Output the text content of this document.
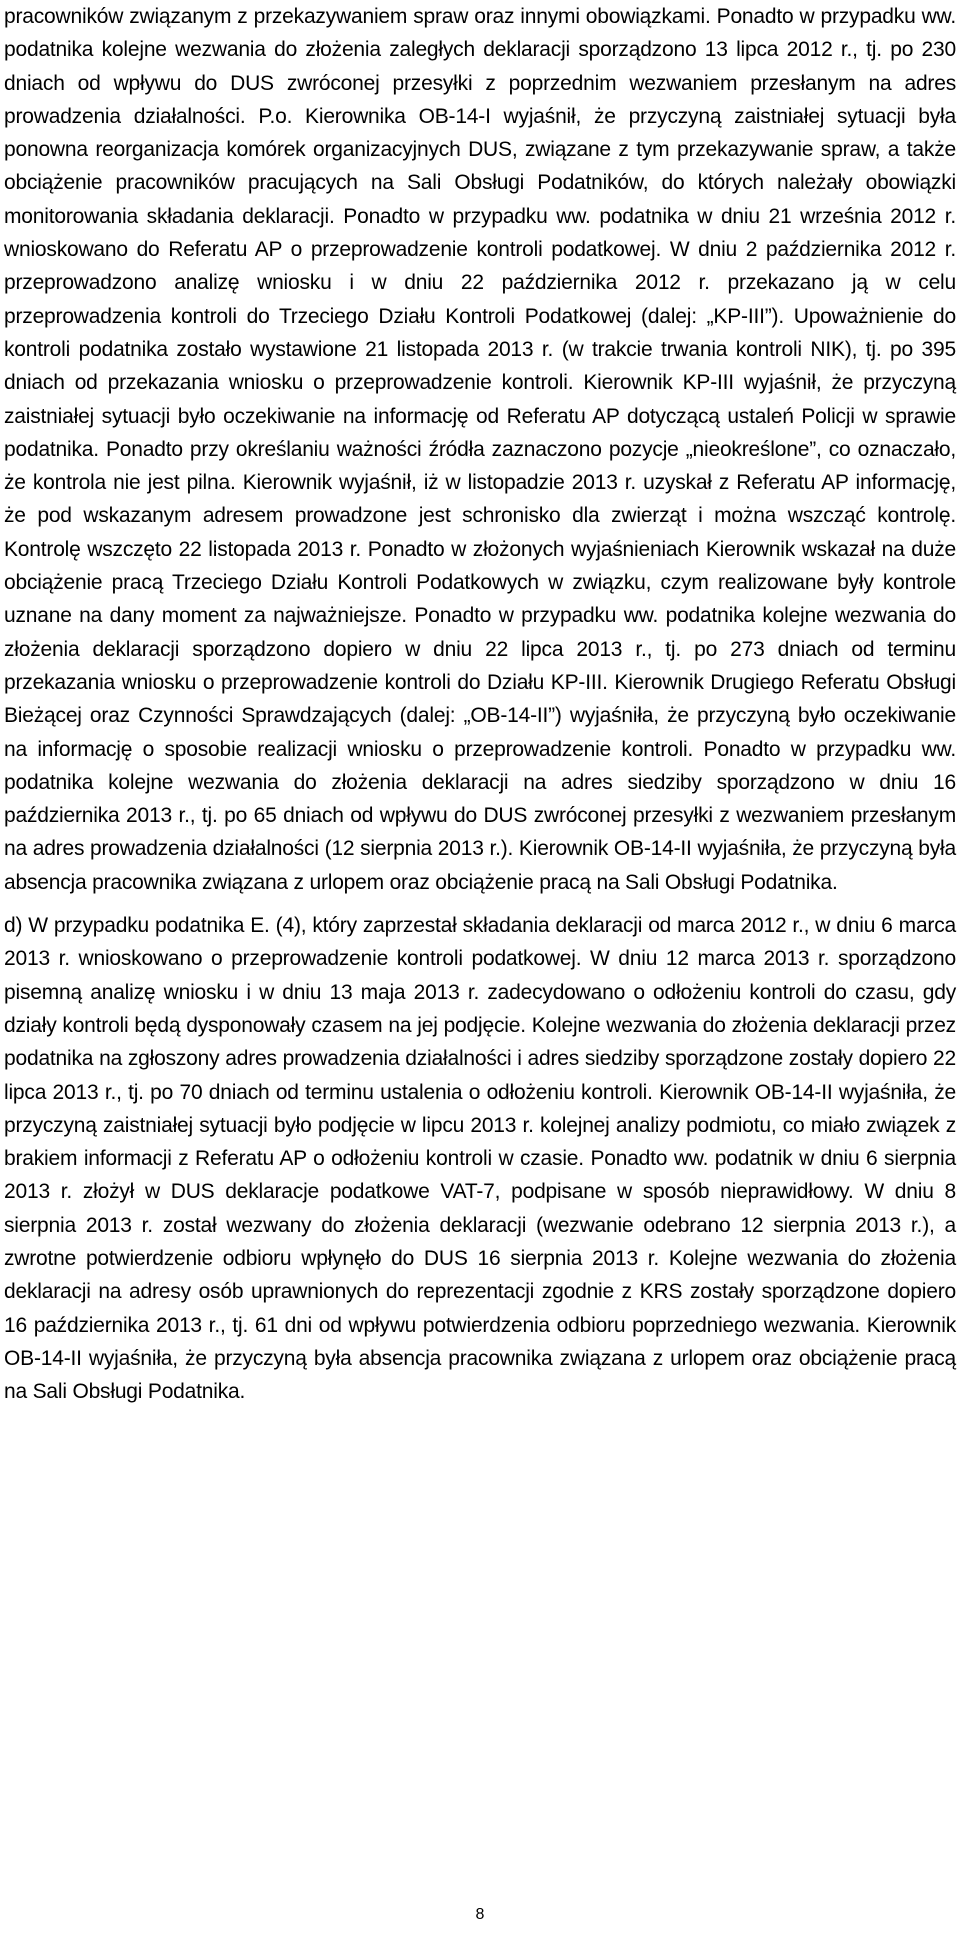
pracowników związanym z przekazywaniem spraw oraz innymi obowiązkami. Ponadto w przypadku ww. podatnika kolejne wezwania do złożenia zaległych deklaracji sporządzono 13 lipca 2012 r., tj. po 230 dniach od wpływu do DUS zwróconej przesyłki z poprzednim wezwaniem przesłanym na adres prowadzenia działalności. P.o. Kierownika OB-14-I wyjaśnił, że przyczyną zaistniałej sytuacji była ponowna reorganizacja komórek organizacyjnych DUS, związane z tym przekazywanie spraw, a także obciążenie pracowników pracujących na Sali Obsługi Podatników, do których należały obowiązki monitorowania składania deklaracji. Ponadto w przypadku ww. podatnika w dniu 21 września 2012 r. wnioskowano do Referatu AP o przeprowadzenie kontroli podatkowej. W dniu 2 października 2012 r. przeprowadzono analizę wniosku i w dniu 22 października 2012 r. przekazano ją w celu przeprowadzenia kontroli do Trzeciego Działu Kontroli Podatkowej (dalej: „KP-III”). Upoważnienie do kontroli podatnika zostało wystawione 21 listopada 2013 r. (w trakcie trwania kontroli NIK), tj. po 395 dniach od przekazania wniosku o przeprowadzenie kontroli. Kierownik KP-III wyjaśnił, że przyczyną zaistniałej sytuacji było oczekiwanie na informację od Referatu AP dotyczącą ustaleń Policji w sprawie podatnika. Ponadto przy określaniu ważności źródła zaznaczono pozycje „nieokreślone”, co oznaczało, że kontrola nie jest pilna. Kierownik wyjaśnił, iż w listopadzie 2013 r. uzyskał z Referatu AP informację, że pod wskazanym adresem prowadzone jest schronisko dla zwierząt i można wszcząć kontrolę. Kontrolę wszczęto 22 listopada 2013 r. Ponadto w złożonych wyjaśnieniach Kierownik wskazał na duże obciążenie pracą Trzeciego Działu Kontroli Podatkowych w związku, czym realizowane były kontrole uznane na dany moment za najważniejsze. Ponadto w przypadku ww. podatnika kolejne wezwania do złożenia deklaracji sporządzono dopiero w dniu 22 lipca 2013 r., tj. po 273 dniach od terminu przekazania wniosku o przeprowadzenie kontroli do Działu KP-III. Kierownik Drugiego Referatu Obsługi Bieżącej oraz Czynności Sprawdzających (dalej: „OB-14-II”) wyjaśniła, że przyczyną było oczekiwanie na informację o sposobie realizacji wniosku o przeprowadzenie kontroli. Ponadto w przypadku ww. podatnika kolejne wezwania do złożenia deklaracji na adres siedziby sporządzono w dniu 16 października 2013 r., tj. po 65 dniach od wpływu do DUS zwróconej przesyłki z wezwaniem przesłanym na adres prowadzenia działalności (12 sierpnia 2013 r.). Kierownik OB-14-II wyjaśniła, że przyczyną była absencja pracownika związana z urlopem oraz obciążenie pracą na Sali Obsługi Podatnika.

d) W przypadku podatnika E. (4), który zaprzestał składania deklaracji od marca 2012 r., w dniu 6 marca 2013 r. wnioskowano o przeprowadzenie kontroli podatkowej. W dniu 12 marca 2013 r. sporządzono pisemną analizę wniosku i w dniu 13 maja 2013 r. zadecydowano o odłożeniu kontroli do czasu, gdy działy kontroli będą dysponowały czasem na jej podjęcie. Kolejne wezwania do złożenia deklaracji przez podatnika na zgłoszony adres prowadzenia działalności i adres siedziby sporządzone zostały dopiero 22 lipca 2013 r., tj. po 70 dniach od terminu ustalenia o odłożeniu kontroli. Kierownik OB-14-II wyjaśniła, że przyczyną zaistniałej sytuacji było podjęcie w lipcu 2013 r. kolejnej analizy podmiotu, co miało związek z brakiem informacji z Referatu AP o odłożeniu kontroli w czasie. Ponadto ww. podatnik w dniu 6 sierpnia 2013 r. złożył w DUS deklaracje podatkowe VAT-7, podpisane w sposób nieprawidłowy. W dniu 8 sierpnia 2013 r. został wezwany do złożenia deklaracji (wezwanie odebrano 12 sierpnia 2013 r.), a zwrotne potwierdzenie odbioru wpłynęło do DUS 16 sierpnia 2013 r. Kolejne wezwania do złożenia deklaracji na adresy osób uprawnionych do reprezentacji zgodnie z KRS zostały sporządzone dopiero 16 października 2013 r., tj. 61 dni od wpływu potwierdzenia odbioru poprzedniego wezwania. Kierownik OB-14-II wyjaśniła, że przyczyną była absencja pracownika związana z urlopem oraz obciążenie pracą na Sali Obsługi Podatnika.

8
